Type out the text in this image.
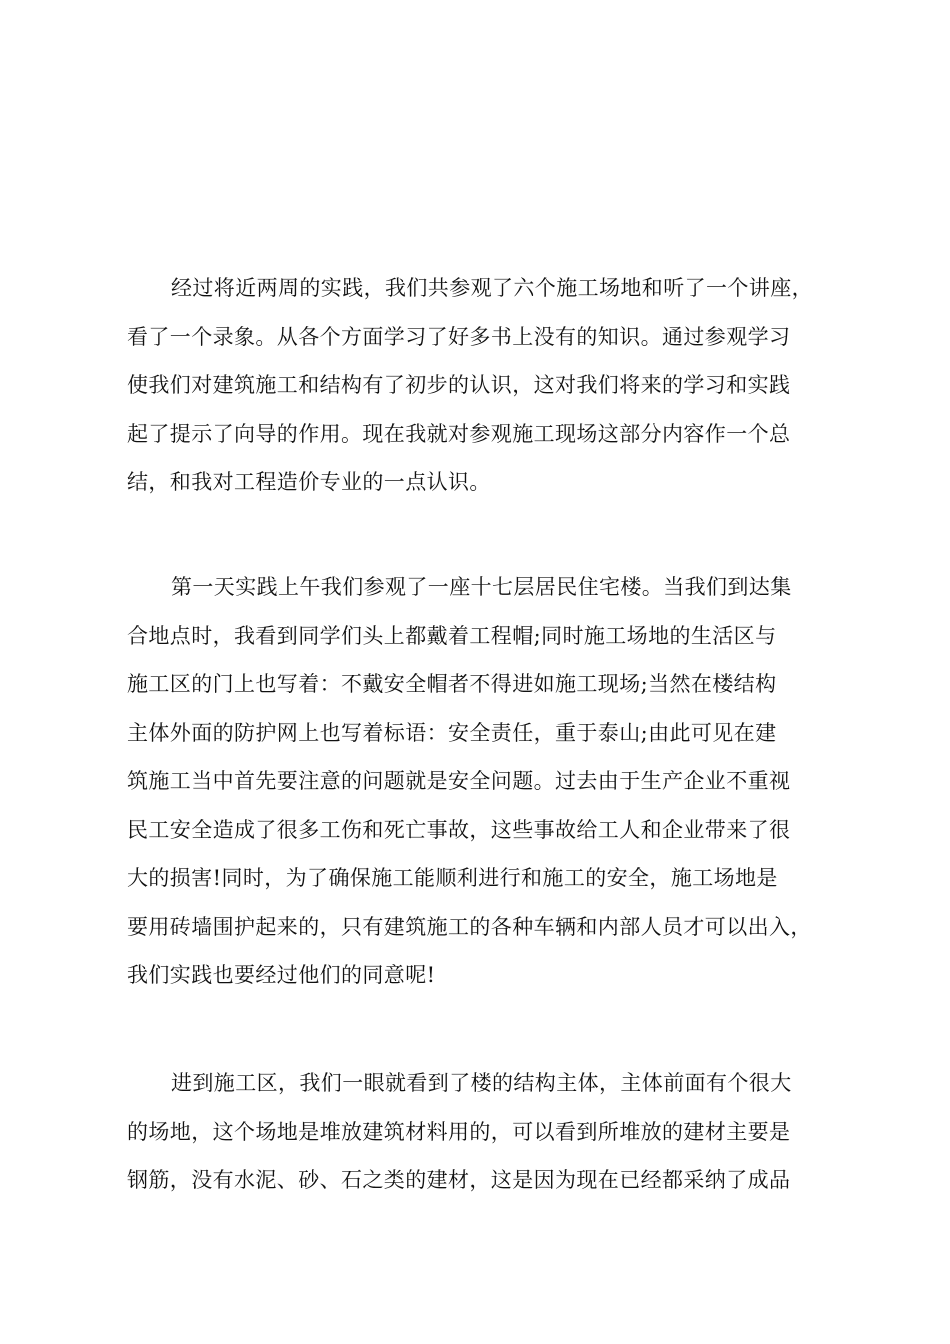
经过将近两周的实践，我们共参观了六个施工场地和听了一个讲座，
看了一个录象。从各个方面学习了好多书上没有的知识。通过参观学习
使我们对建筑施工和结构有了初步的认识，这对我们将来的学习和实践
起了提示了向导的作用。现在我就对参观施工现场这部分内容作一个总
结，和我对工程造价专业的一点认识。

第一天实践上午我们参观了一座十七层居民住宅楼。当我们到达集
合地点时，我看到同学们头上都戴着工程帽;同时施工场地的生活区与
施工区的门上也写着：不戴安全帽者不得进如施工现场;当然在楼结构
主体外面的防护网上也写着标语：安全责任，重于泰山;由此可见在建
筑施工当中首先要注意的问题就是安全问题。过去由于生产企业不重视
民工安全造成了很多工伤和死亡事故，这些事故给工人和企业带来了很
大的损害!同时，为了确保施工能顺利进行和施工的安全，施工场地是
要用砖墙围护起来的，只有建筑施工的各种车辆和内部人员才可以出入，
我们实践也要经过他们的同意呢!

进到施工区，我们一眼就看到了楼的结构主体，主体前面有个很大
的场地，这个场地是堆放建筑材料用的，可以看到所堆放的建材主要是
钢筋，没有水泥、砂、石之类的建材，这是因为现在已经都采纳了成品
